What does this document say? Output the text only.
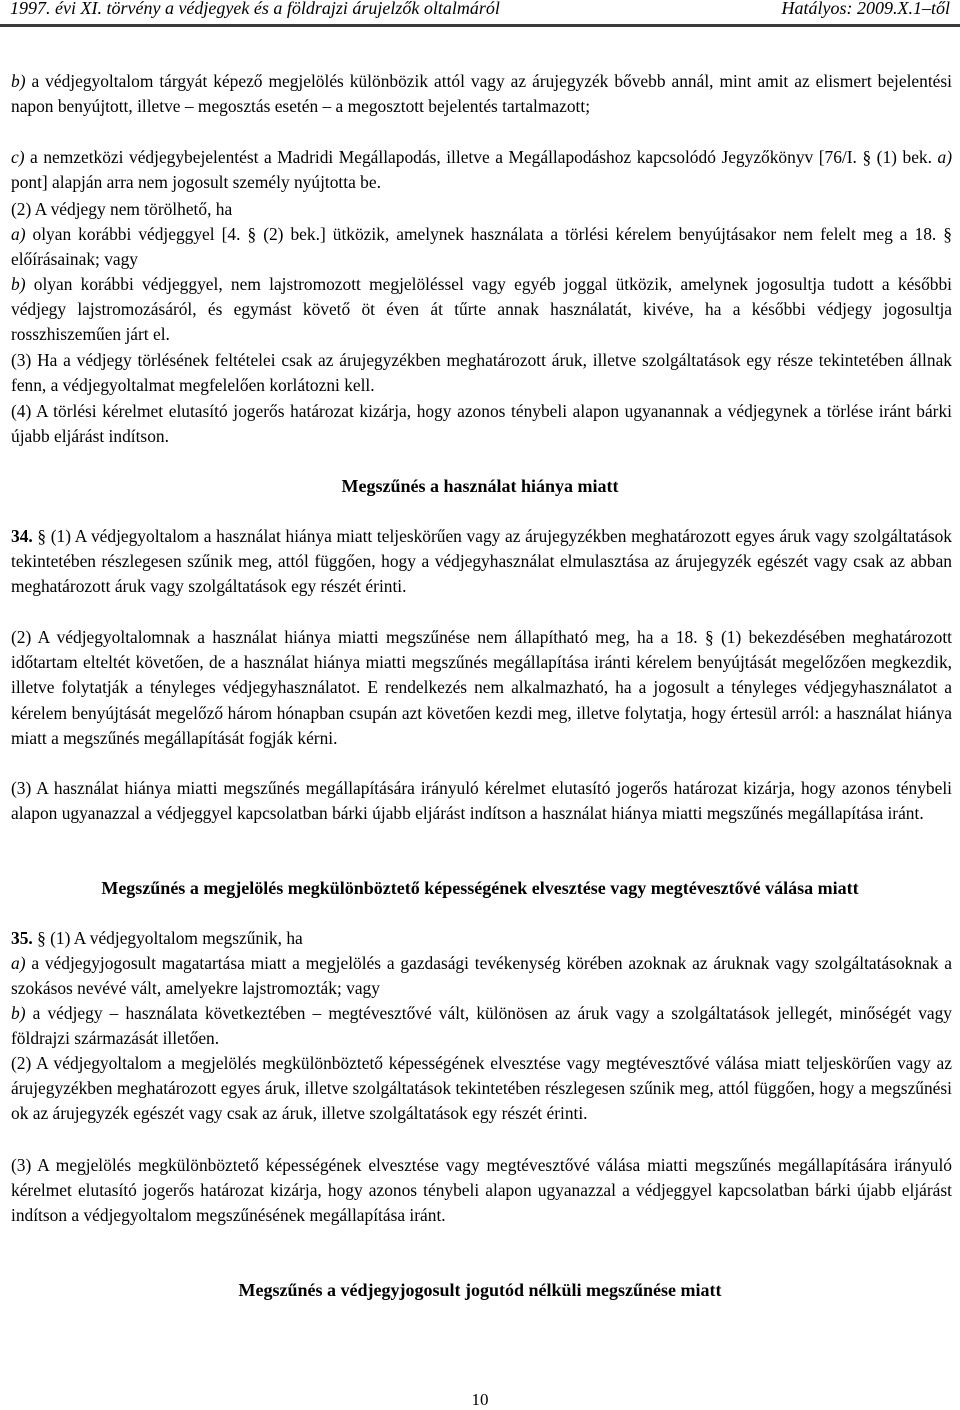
1997. évi XI. törvény a védjegyek és a földrajzi árujelzők oltalmáról	Hatályos: 2009.X.1–től

b) a védjegyoltalom tárgyát képező megjelölés különbözik attól vagy az árujegyzék bővebb annál, mint amit az elismert bejelentési napon benyújtott, illetve – megosztás esetén – a megosztott bejelentés tartalmazott;

c) a nemzetközi védjegybejelentést a Madridi Megállapodás, illetve a Megállapodáshoz kapcsolódó Jegyzőkönyv [76/I. § (1) bek. a) pont] alapján arra nem jogosult személy nyújtotta be.

(2) A védjegy nem törölhető, ha

a) olyan korábbi védjeggyel [4. § (2) bek.] ütközik, amelynek használata a törlési kérelem benyújtásakor nem felelt meg a 18. § előírásainak; vagy

b) olyan korábbi védjeggyel, nem lajstromozott megjelöléssel vagy egyéb joggal ütközik, amelynek jogosultja tudott a későbbi védjegy lajstromozásáról, és egymást követő öt éven át tűrte annak használatát, kivéve, ha a későbbi védjegy jogosultja rosszhiszeműen járt el.

(3) Ha a védjegy törlésének feltételei csak az árujegyzékben meghatározott áruk, illetve szolgáltatások egy része tekintetében állnak fenn, a védjegyoltalmat megfelelően korlátozni kell.

(4) A törlési kérelmet elutasító jogerős határozat kizárja, hogy azonos ténybeli alapon ugyanannak a védjegynek a törlése iránt bárki újabb eljárást indítson.

Megszűnés a használat hiánya miatt

34. § (1) A védjegyoltalom a használat hiánya miatt teljeskörűen vagy az árujegyzékben meghatározott egyes áruk vagy szolgáltatások tekintetében részlegesen szűnik meg, attól függően, hogy a védjegyhasználat elmulasztása az árujegyzék egészét vagy csak az abban meghatározott áruk vagy szolgáltatások egy részét érinti.

(2) A védjegyoltalomnak a használat hiánya miatti megszűnése nem állapítható meg, ha a 18. § (1) bekezdésében meghatározott időtartam elteltét követően, de a használat hiánya miatti megszűnés megállapítása iránti kérelem benyújtását megelőzően megkezdik, illetve folytatják a tényleges védjegyhasználatot. E rendelkezés nem alkalmazható, ha a jogosult a tényleges védjegyhasználatot a kérelem benyújtását megelőző három hónapban csupán azt követően kezdi meg, illetve folytatja, hogy értesül arról: a használat hiánya miatt a megszűnés megállapítását fogják kérni.

(3) A használat hiánya miatti megszűnés megállapítására irányuló kérelmet elutasító jogerős határozat kizárja, hogy azonos ténybeli alapon ugyanazzal a védjeggyel kapcsolatban bárki újabb eljárást indítson a használat hiánya miatti megszűnés megállapítása iránt.

Megszűnés a megjelölés megkülönböztető képességének elvesztése vagy megtévesztővé válása miatt

35. § (1) A védjegyoltalom megszűnik, ha

a) a védjegyjogosult magatartása miatt a megjelölés a gazdasági tevékenység körében azoknak az áruknak vagy szolgáltatásoknak a szokásos nevévé vált, amelyekre lajstromozták; vagy

b) a védjegy – használata következtében – megtévesztővé vált, különösen az áruk vagy a szolgáltatások jellegét, minőségét vagy földrajzi származását illetően.

(2) A védjegyoltalom a megjelölés megkülönböztető képességének elvesztése vagy megtévesztővé válása miatt teljeskörűen vagy az árujegyzékben meghatározott egyes áruk, illetve szolgáltatások tekintetében részlegesen szűnik meg, attól függően, hogy a megszűnési ok az árujegyzék egészét vagy csak az áruk, illetve szolgáltatások egy részét érinti.

(3) A megjelölés megkülönböztető képességének elvesztése vagy megtévesztővé válása miatti megszűnés megállapítására irányuló kérelmet elutasító jogerős határozat kizárja, hogy azonos ténybeli alapon ugyanazzal a védjeggyel kapcsolatban bárki újabb eljárást indítson a védjegyoltalom megszűnésének megállapítása iránt.

Megszűnés a védjegyjogosult jogutód nélküli megszűnése miatt

10
